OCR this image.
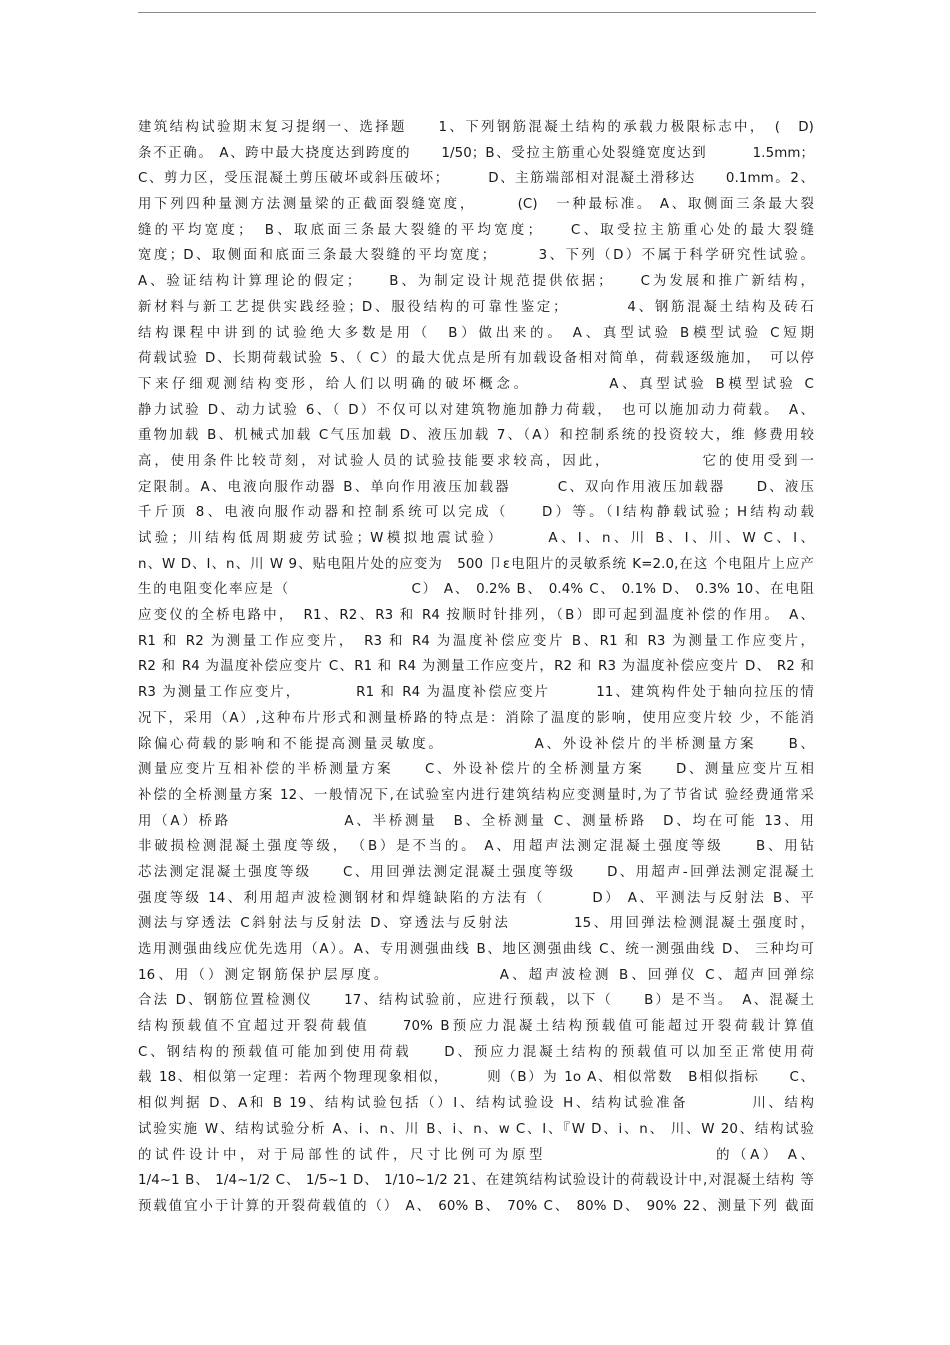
建筑结构试验期末复习提纲一、选择题　　1、下列钢筋混凝土结构的承载力极限标志中，　(　D)
条不正确。 A、跨中最大挠度达到跨度的　　1/50；B、受拉主筋重心处裂缝宽度达到　　　1.5mm；
C、剪力区，受压混凝土剪压破坏或斜压破坏；　　　D、主筋端部相对混凝土滑移达　　0.1mm。2、
用下列四种量测方法测量梁的正截面裂缝宽度，　　　(C)　一种最标准。 A、取侧面三条最大裂
缝的平均宽度；　B、取底面三条最大裂缝的平均宽度；　　C、取受拉主筋重心处的最大裂缝
宽度；D、取侧面和底面三条最大裂缝的平均宽度；　　　3、下列（D）不属于科学研究性试验。
A、验证结构计算理论的假定；　　B、为制定设计规范提供依据；　　C为发展和推广新结构，
新材料与新工艺提供实践经验；D、服役结构的可靠性鉴定；　　　　4、钢筋混凝土结构及砖石
结构课程中讲到的试验绝大多数是用（　B）做出来的。 A、真型试验 B模型试验 C短期
荷载试验 D、长期荷载试验 5、（ C）的最大优点是所有加载设备相对简单，荷载逐级施加，　可以停
下来仔细观测结构变形，给人们以明确的破坏概念。　　　　　A、真型试验 B模型试验 C
静力试验 D、动力试验 6、（ D）不仅可以对建筑物施加静力荷载，　也可以施加动力荷载。　A、
重物加载 B、机械式加载 C气压加载 D、液压加载 7、（A）和控制系统的投资较大，维 修费用较
高，使用条件比较苛刻，对试验人员的试验技能要求较高，因此，　　　　　　它的使用受到一
定限制。A、电液向服作动器 B、单向作用液压加载器　　　C、双向作用液压加载器　　D、液压
千斤顶 8、电液向服作动器和控制系统可以完成（　　D）等。（I结构静载试验；H结构动载
试验；川结构低周期疲劳试验；W模拟地震试验）　　　A、I、n、川 B、I、川、W C、I、
n、W D、I、n、川 W 9、贴电阻片处的应变为　500 卩ε电阻片的灵敏系统 K=2.0,在这 个电阻片上应产
生的电阻变化率应是（　　　　　　　　C） A、 0.2% B、 0.4% C、 0.1% D、 0.3% 10、在电阻
应变仪的全桥电路中，　R1、R2、R3 和 R4 按顺时针排列，（B）即可起到温度补偿的作用。　A、
R1 和 R2 为测量工作应变片，　R3 和 R4 为温度补偿应变片 B、R1 和 R3 为测量工作应变片，
R2 和 R4 为温度补偿应变片 C、R1 和 R4 为测量工作应变片，R2 和 R3 为温度补偿应变片 D、 R2 和
R3 为测量工作应变片，　　　　R1 和 R4 为温度补偿应变片　　　11、建筑构件处于轴向拉压的情
况下，采用（A）,这种布片形式和测量桥路的特点是：消除了温度的影响，使用应变片较 少，不能消
除偏心荷载的影响和不能提高测量灵敏度。　　　　　　A、外设补偿片的半桥测量方案　　B、
测量应变片互相补偿的半桥测量方案　　C、外设补偿片的全桥测量方案　　D、测量应变片互相
补偿的全桥测量方案 12、一般情况下,在试验室内进行建筑结构应变测量时,为了节省试 验经费通常采
用（A）桥路　　　　　　　A、半桥测量　B、全桥测量 C、测量桥路　D、均在可能 13、用
非破损检测混凝土强度等级，　（B）是不当的。 A、用超声法测定混凝土强度等级　　B、用钻
芯法测定混凝土强度等级　　C、用回弹法测定混凝土强度等级　　D、用超声-回弹法测定混凝土
强度等级 14、利用超声波检测钢材和焊缝缺陷的方法有（　　　D） A、平测法与反射法 B、平
测法与穿透法 C斜射法与反射法 D、穿透法与反射法　　　　15、用回弹法检测混凝土强度时，
选用测强曲线应优先选用（A）。A、专用测强曲线 B、地区测强曲线 C、统一测强曲线 D、 三种均可
16、用（）测定钢筋保护层厚度。　　　　　　　A、超声波检测 B、回弹仪 C、超声回弹综
合法 D、钢筋位置检测仪　　17、结构试验前，应进行预载，以下（　　B）是不当。　A、混凝土
结构预载值不宜超过开裂荷载值　　70% B预应力混凝土结构预载值可能超过开裂荷载计算值
C、钢结构的预载值可能加到使用荷载　　D、预应力混凝土结构的预载值可以加至正常使用荷
载 18、相似第一定理：若两个物理现象相似，　　　则（B）为 1o A、相似常数　B相似指标　　C、
相似判据 D、A和 B 19、结构试验包括（）I、结构试验设 H、结构试验准备　　　　川、结构
试验实施 W、结构试验分析 A、i、n、川 B、i、n、w C、I、『W D、i、n、 川、W 20、结构试验
的试件设计中，对于局部性的试件，尺寸比例可为原型　　　　　　　　　　的（A） A、
1/4~1 B、 1/4~1/2 C、 1/5~1 D、 1/10~1/2 21、在建筑结构试验设计的荷载设计中,对混凝土结构 等
预载值宜小于计算的开裂荷载值的（） A、 60% B、 70% C、 80% D、 90% 22、测量下列 截面
